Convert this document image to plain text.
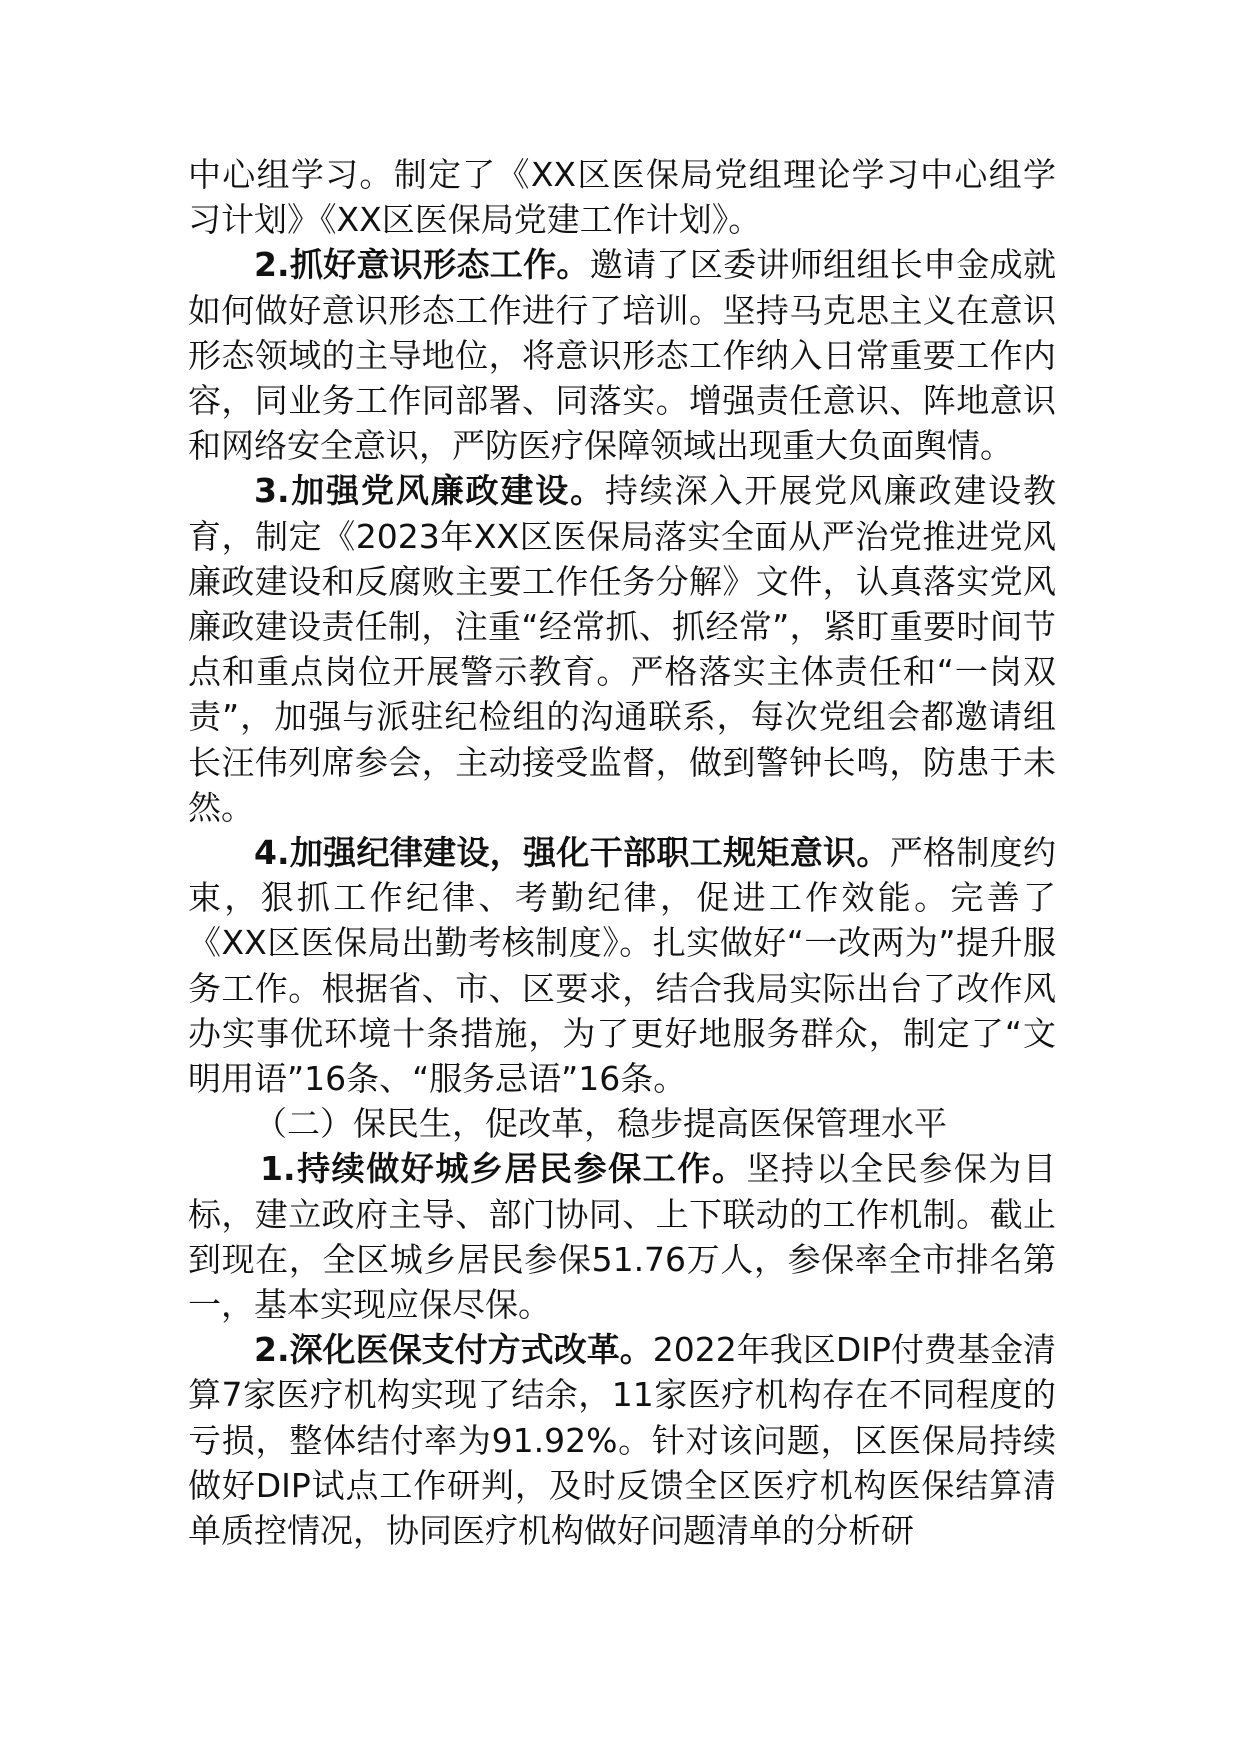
中心组学习。制定了《XX区医保局党组理论学习中心组学习计划》《XX区医保局党建工作计划》。

2.抓好意识形态工作。邀请了区委讲师组组长申金成就如何做好意识形态工作进行了培训。坚持马克思主义在意识形态领域的主导地位，将意识形态工作纳入日常重要工作内容，同业务工作同部署、同落实。增强责任意识、阵地意识和网络安全意识，严防医疗保障领域出现重大负面舆情。

3.加强党风廉政建设。持续深入开展党风廉政建设教育，制定《2023年XX区医保局落实全面从严治党推进党风廉政建设和反腐败主要工作任务分解》文件，认真落实党风廉政建设责任制，注重“经常抓、抓经常”，紧盯重要时间节点和重点岗位开展警示教育。严格落实主体责任和“一岗双责”，加强与派驻纪检组的沟通联系，每次党组会都邀请组长汪伟列席参会，主动接受监督，做到警钟长鸣，防患于未然。

4.加强纪律建设，强化干部职工规矩意识。严格制度约束，狠抓工作纪律、考勤纪律，促进工作效能。完善了《XX区医保局出勤考核制度》。扎实做好“一改两为”提升服务工作。根据省、市、区要求，结合我局实际出台了改作风办实事优环境十条措施，为了更好地服务群众，制定了“文明用语”16条、“服务忌语”16条。

（二）保民生，促改革，稳步提高医保管理水平

1.持续做好城乡居民参保工作。坚持以全民参保为目标，建立政府主导、部门协同、上下联动的工作机制。截止到现在，全区城乡居民参保51.76万人，参保率全市排名第一，基本实现应保尽保。

2.深化医保支付方式改革。2022年我区DIP付费基金清算7家医疗机构实现了结余，11家医疗机构存在不同程度的亏损，整体结付率为91.92%。针对该问题，区医保局持续做好DIP试点工作研判，及时反馈全区医疗机构医保结算清单质控情况，协同医疗机构做好问题清单的分析研
